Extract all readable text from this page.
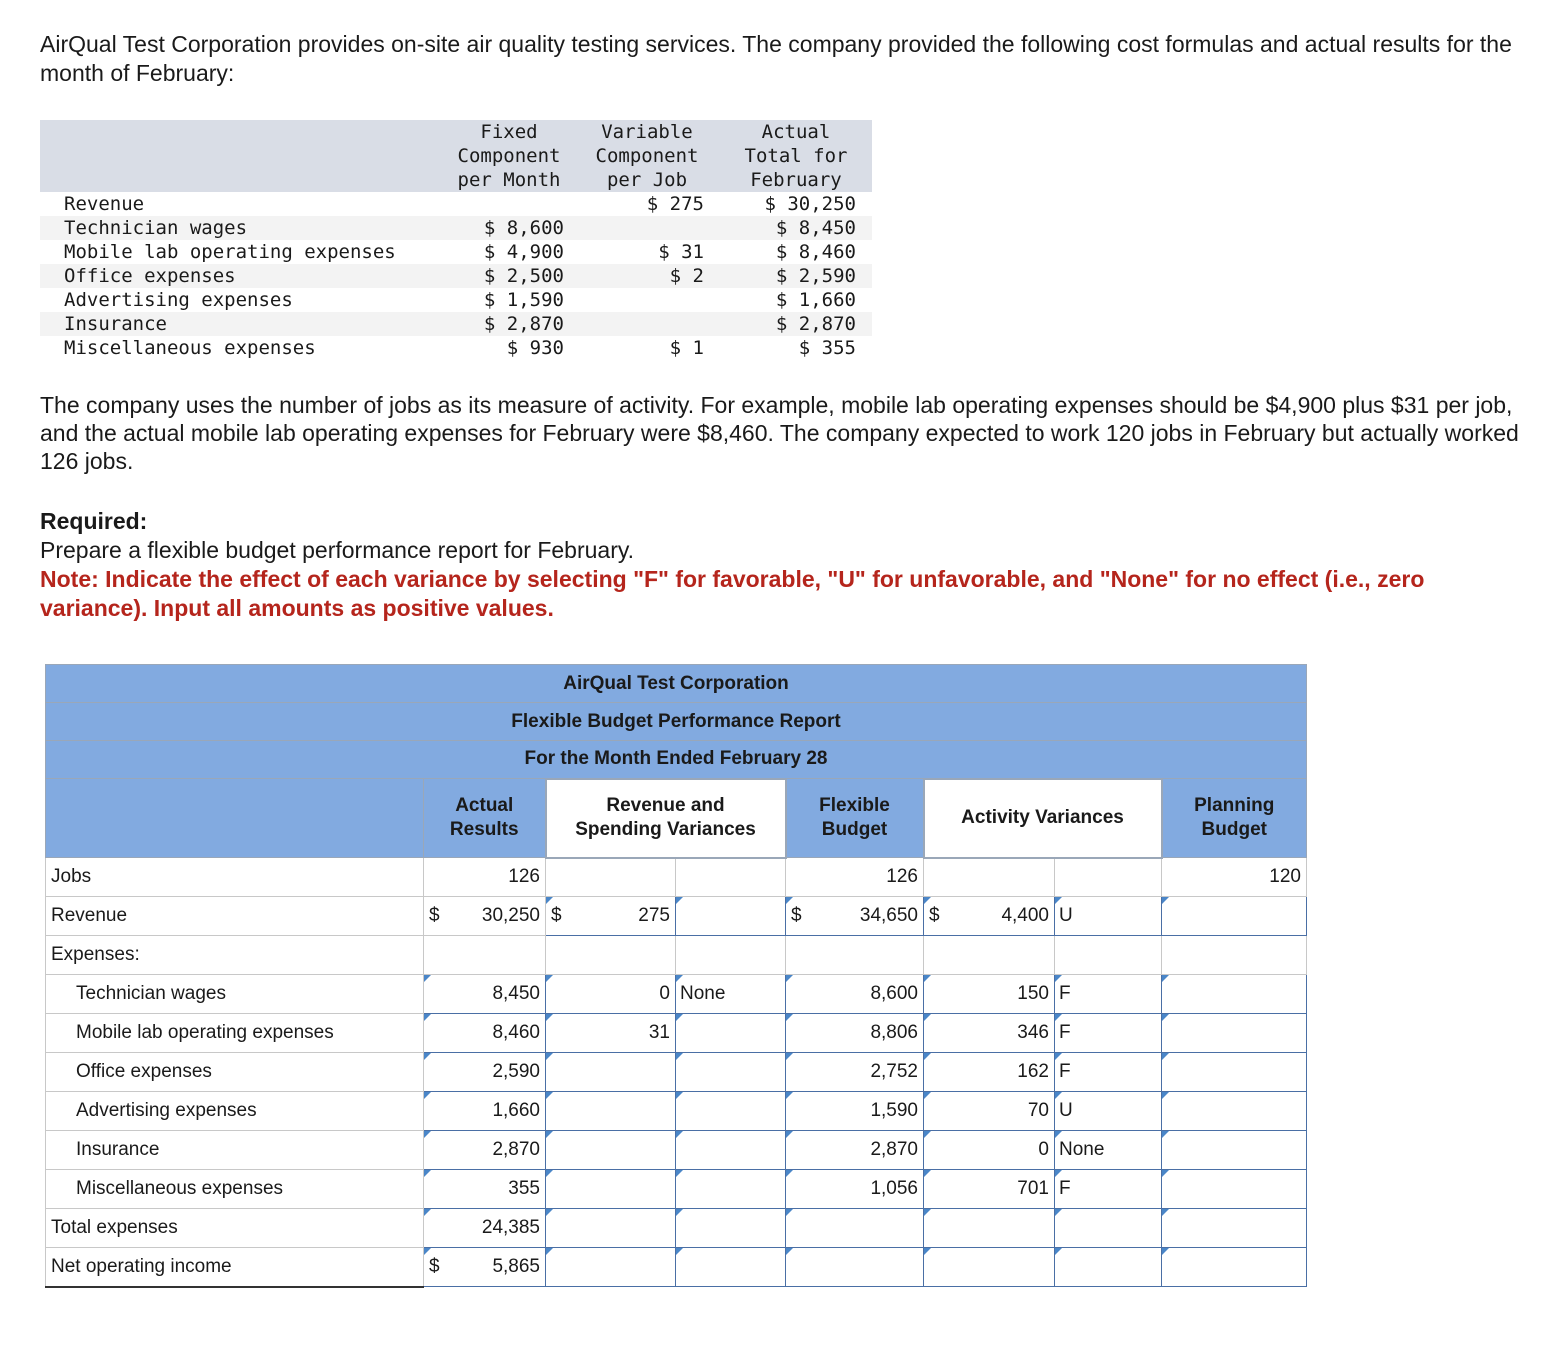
AirQual Test Corporation provides on-site air quality testing services. The company provided the following cost formulas and actual results for the month of February:

	Fixed
Component
per Month	Variable
Component
per Job	Actual
Total for
February
Revenue		$ 275	$ 30,250
Technician wages	$ 8,600		$ 8,450
Mobile lab operating expenses	$ 4,900	$ 31	$ 8,460
Office expenses	$ 2,500	$ 2	$ 2,590
Advertising expenses	$ 1,590		$ 1,660
Insurance	$ 2,870		$ 2,870
Miscellaneous expenses	$ 930	$ 1	$ 355

The company uses the number of jobs as its measure of activity. For example, mobile lab operating expenses should be $4,900 plus $31 per job, and the actual mobile lab operating expenses for February were $8,460. The company expected to work 120 jobs in February but actually worked 126 jobs.

Required:
Prepare a flexible budget performance report for February.
Note: Indicate the effect of each variance by selecting "F" for favorable, "U" for unfavorable, and "None" for no effect (i.e., zero variance). Input all amounts as positive values.
AirQual Test Corporation							
Flexible Budget Performance Report							
For the Month Ended February 28							
	Actual
Results	Revenue and
Spending Variances		Flexible
Budget	Activity Variances		Planning
Budget
Jobs	126			126			120
Revenue	$ 30,250	$ 275		$ 34,650	$ 4,400	U	
Expenses:							
Technician wages	8,450	0	None	8,600	150	F	
Mobile lab operating expenses	8,460	31		8,806	346	F	
Office expenses	2,590			2,752	162	F	
Advertising expenses	1,660			1,590	70	U	
Insurance	2,870			2,870	0	None	
Miscellaneous expenses	355			1,056	701	F	
Total expenses	24,385						
Net operating income	$ 5,865						
